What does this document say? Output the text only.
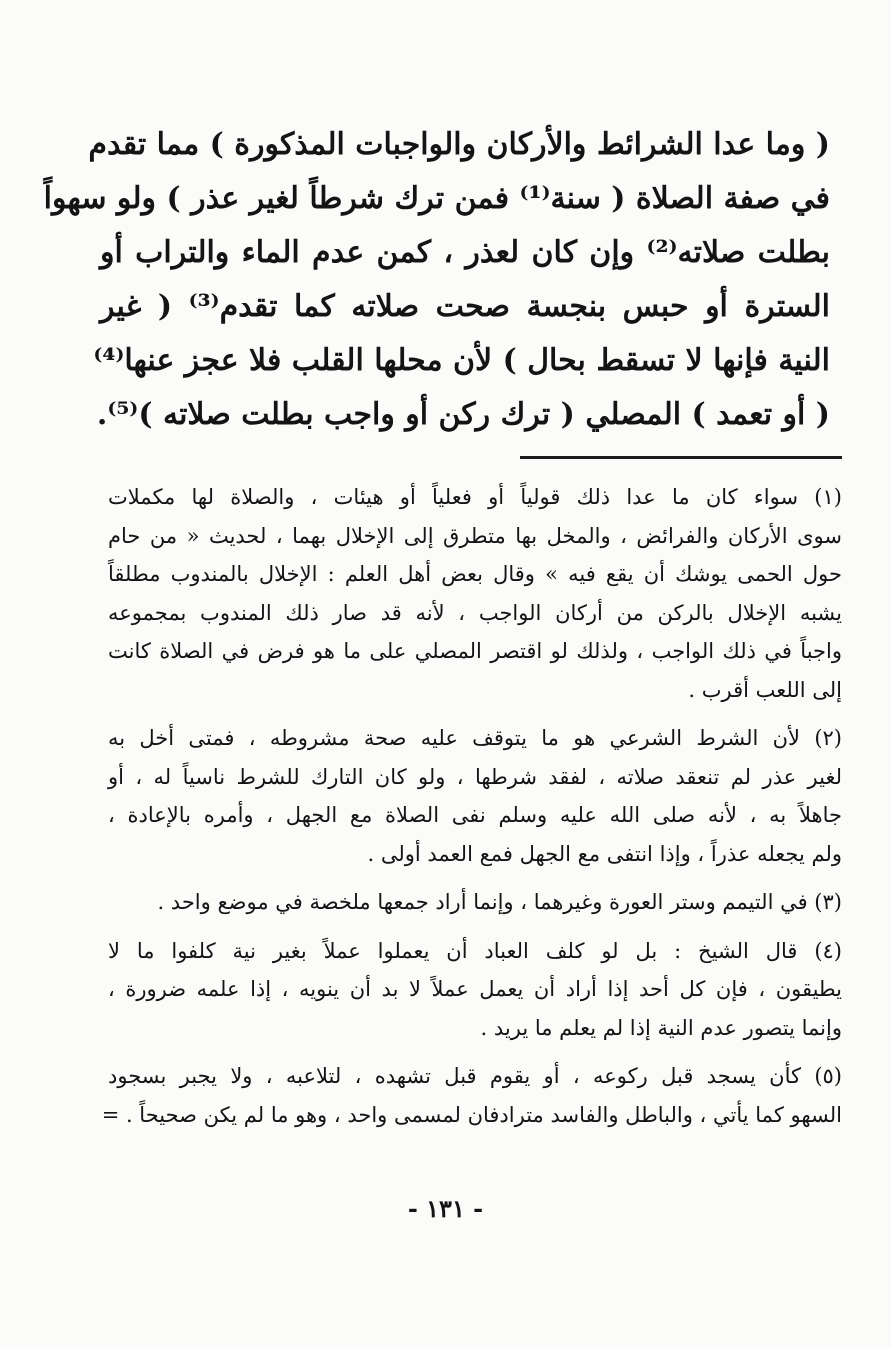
( وما عدا الشرائط والأركان والواجبات المذكورة ) مما تقدم
في صفة الصلاة ( سنة⁽¹⁾ فمن ترك شرطاً لغير عذر ) ولو سهواً
بطلت صلاته⁽²⁾ وإن كان لعذر ، كمن عدم الماء والتراب أو
السترة أو حبس بنجسة صحت صلاته كما تقدم⁽³⁾ ( غير
النية فإنها لا تسقط بحال ) لأن محلها القلب فلا عجز عنها⁽⁴⁾
( أو تعمد ) المصلي ( ترك ركن أو واجب بطلت صلاته )⁽⁵⁾.
(١) سواء كان ما عدا ذلك قولياً أو فعلياً أو هيئات ، والصلاة لها مكملات
سوى الأركان والفرائض ، والمخل بها متطرق إلى الإخلال بهما ، لحديث « من حام
حول الحمى يوشك أن يقع فيه » وقال بعض أهل العلم : الإخلال بالمندوب مطلقاً
يشبه الإخلال بالركن من أركان الواجب ، لأنه قد صار ذلك المندوب بمجموعه
واجباً في ذلك الواجب ، ولذلك لو اقتصر المصلي على ما هو فرض في الصلاة كانت
إلى اللعب أقرب .
(٢) لأن الشرط الشرعي هو ما يتوقف عليه صحة مشروطه ، فمتى أخل به
لغير عذر لم تنعقد صلاته ، لفقد شرطها ، ولو كان التارك للشرط ناسياً له ، أو
جاهلاً به ، لأنه صلى الله عليه وسلم نفى الصلاة مع الجهل ، وأمره بالإعادة ،
ولم يجعله عذراً ، وإذا انتفى مع الجهل فمع العمد أولى .
(٣) في التيمم وستر العورة وغيرهما ، وإنما أراد جمعها ملخصة في موضع واحد .
(٤) قال الشيخ : بل لو كلف العباد أن يعملوا عملاً بغير نية كلفوا ما لا
يطيقون ، فإن كل أحد إذا أراد أن يعمل عملاً لا بد أن ينويه ، إذا علمه ضرورة ،
وإنما يتصور عدم النية إذا لم يعلم ما يريد .
(٥) كأن يسجد قبل ركوعه ، أو يقوم قبل تشهده ، لتلاعبه ، ولا يجبر بسجود
السهو كما يأتي ، والباطل والفاسد مترادفان لمسمى واحد ، وهو ما لم يكن صحيحاً . =
- ١٣١ -
